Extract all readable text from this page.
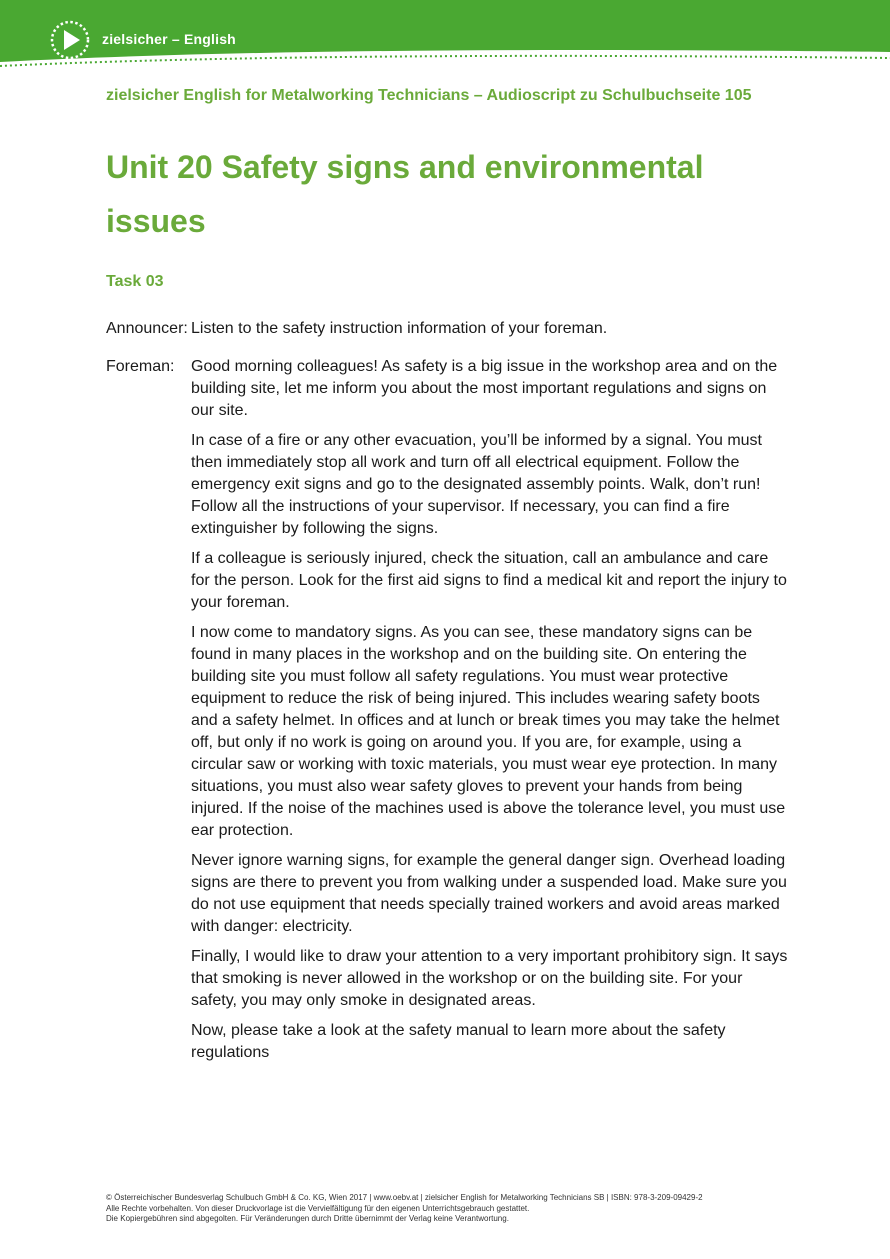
zielsicher – English
zielsicher English for Metalworking Technicians – Audioscript zu Schulbuchseite 105
Unit 20 Safety signs and environmental issues
Task 03
Announcer: Listen to the safety instruction information of your foreman.
Foreman: Good morning colleagues! As safety is a big issue in the workshop area and on the building site, let me inform you about the most important regulations and signs on our site.

In case of a fire or any other evacuation, you’ll be informed by a signal. You must then immediately stop all work and turn off all electrical equipment. Follow the emergency exit signs and go to the designated assembly points. Walk, don’t run! Follow all the instructions of your supervisor. If necessary, you can find a fire extinguisher by following the signs.

If a colleague is seriously injured, check the situation, call an ambulance and care for the person. Look for the first aid signs to find a medical kit and report the injury to your foreman.

I now come to mandatory signs. As you can see, these mandatory signs can be found in many places in the workshop and on the building site. On entering the building site you must follow all safety regulations. You must wear protective equipment to reduce the risk of being injured. This includes wearing safety boots and a safety helmet. In offices and at lunch or break times you may take the helmet off, but only if no work is going on around you. If you are, for example, using a circular saw or working with toxic materials, you must wear eye protection. In many situations, you must also wear safety gloves to prevent your hands from being injured. If the noise of the machines used is above the tolerance level, you must use ear protection.

Never ignore warning signs, for example the general danger sign. Overhead loading signs are there to prevent you from walking under a suspended load. Make sure you do not use equipment that needs specially trained workers and avoid areas marked with danger: electricity.

Finally, I would like to draw your attention to a very important prohibitory sign. It says that smoking is never allowed in the workshop or on the building site. For your safety, you may only smoke in designated areas.

Now, please take a look at the safety manual to learn more about the safety regulations

© Österreichischer Bundesverlag Schulbuch GmbH & Co. KG, Wien 2017 | www.oebv.at | zielsicher English for Metalworking Technicians SB | ISBN: 978-3-209-09429-2
Alle Rechte vorbehalten. Von dieser Druckvorlage ist die Vervielfältigung für den eigenen Unterrichtsgebrauch gestattet.
Die Kopiergebühren sind abgegolten. Für Veränderungen durch Dritte übernimmt der Verlag keine Verantwortung.
